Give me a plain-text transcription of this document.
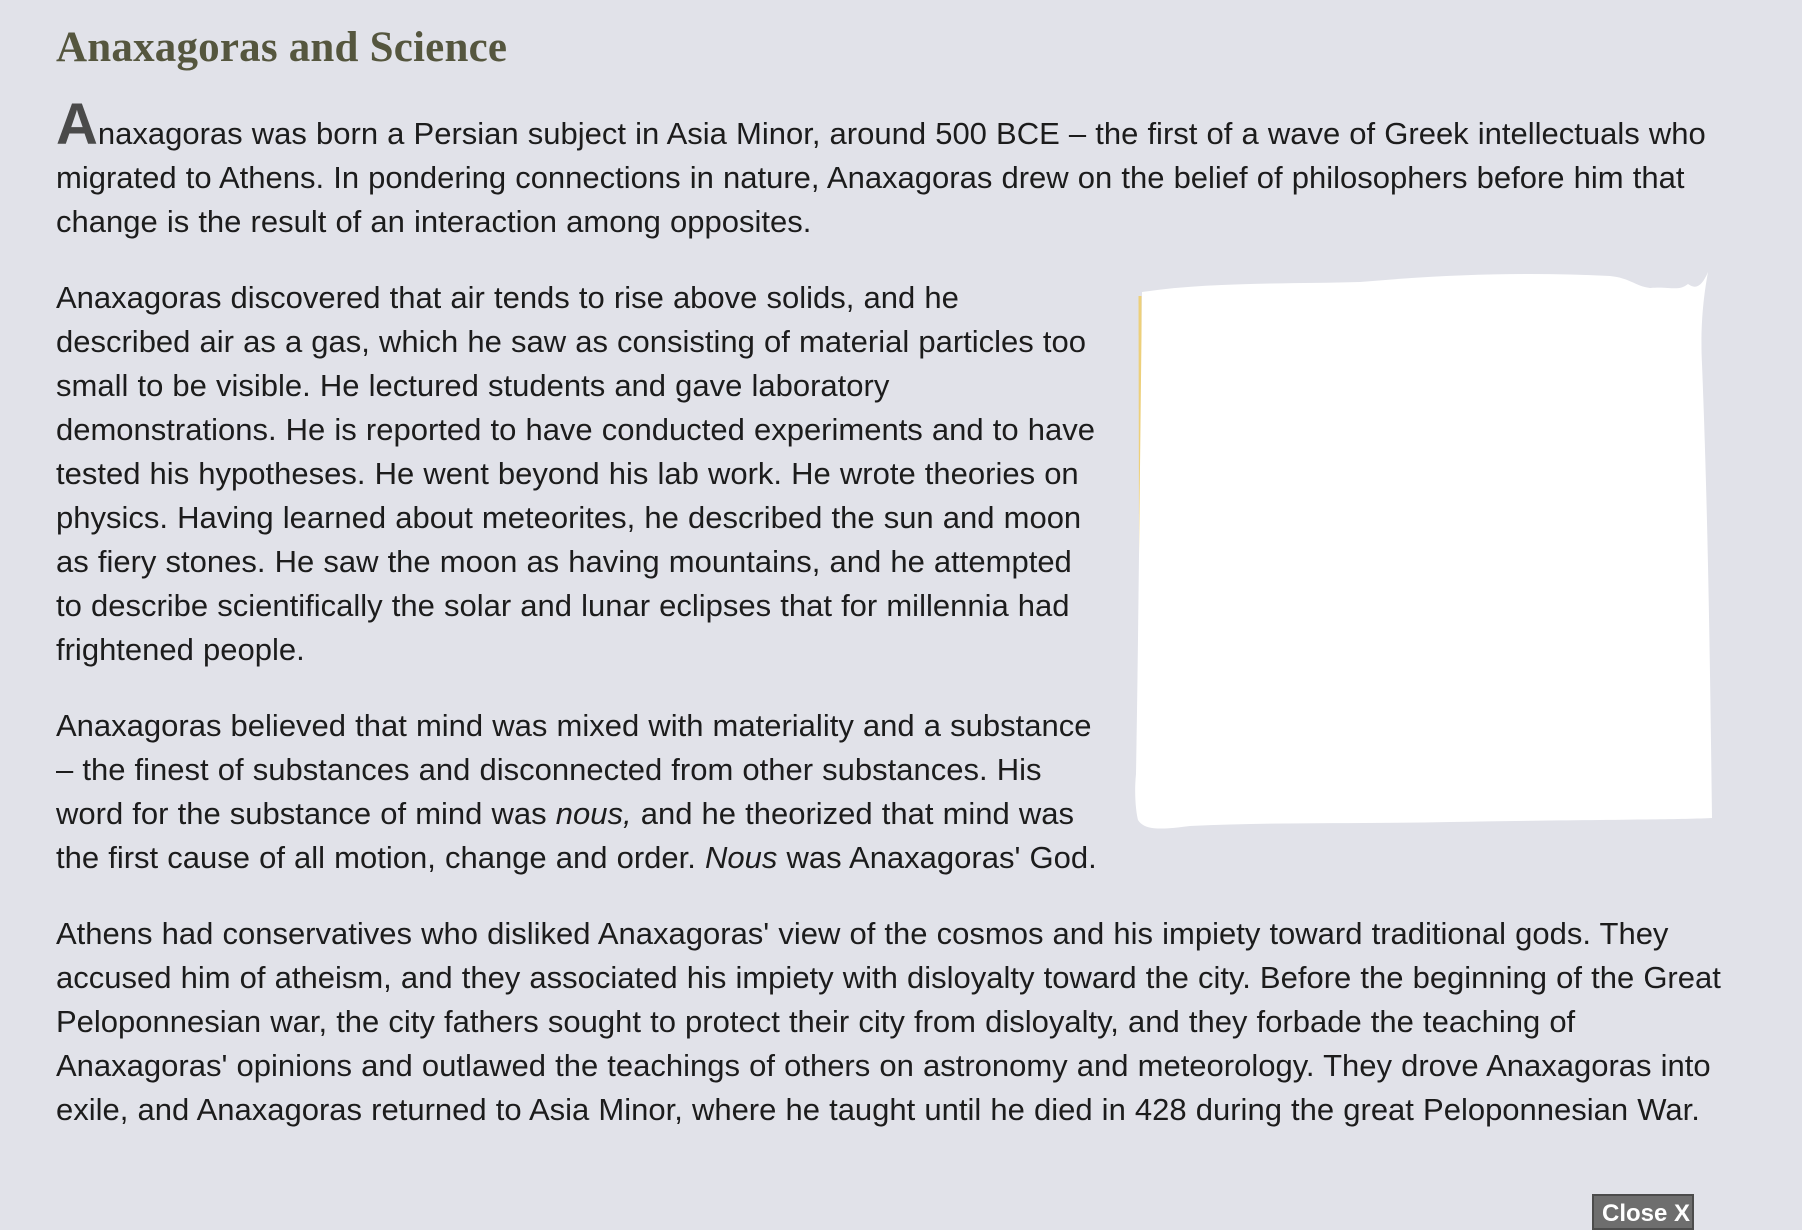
Anaxagoras and Science

Anaxagoras was born a Persian subject in Asia Minor, around 500 BCE – the first of a wave of Greek intellectuals who migrated to Athens. In pondering connections in nature, Anaxagoras drew on the belief of philosophers before him that change is the result of an interaction among opposites.

Anaxagoras discovered that air tends to rise above solids, and he described air as a gas, which he saw as consisting of material particles too small to be visible. He lectured students and gave laboratory demonstrations. He is reported to have conducted experiments and to have tested his hypotheses. He went beyond his lab work. He wrote theories on physics. Having learned about meteorites, he described the sun and moon as fiery stones. He saw the moon as having mountains, and he attempted to describe scientifically the solar and lunar eclipses that for millennia had frightened people.

Anaxagoras believed that mind was mixed with materiality and a substance – the finest of substances and disconnected from other substances. His word for the substance of mind was nous, and he theorized that mind was the first cause of all motion, change and order. Nous was Anaxagoras' God.

Athens had conservatives who disliked Anaxagoras' view of the cosmos and his impiety toward traditional gods. They accused him of atheism, and they associated his impiety with disloyalty toward the city. Before the beginning of the Great Peloponnesian war, the city fathers sought to protect their city from disloyalty, and they forbade the teaching of Anaxagoras' opinions and outlawed the teachings of others on astronomy and meteorology. They drove Anaxagoras into exile, and Anaxagoras returned to Asia Minor, where he taught until he died in 428 during the great Peloponnesian War.

Close X
